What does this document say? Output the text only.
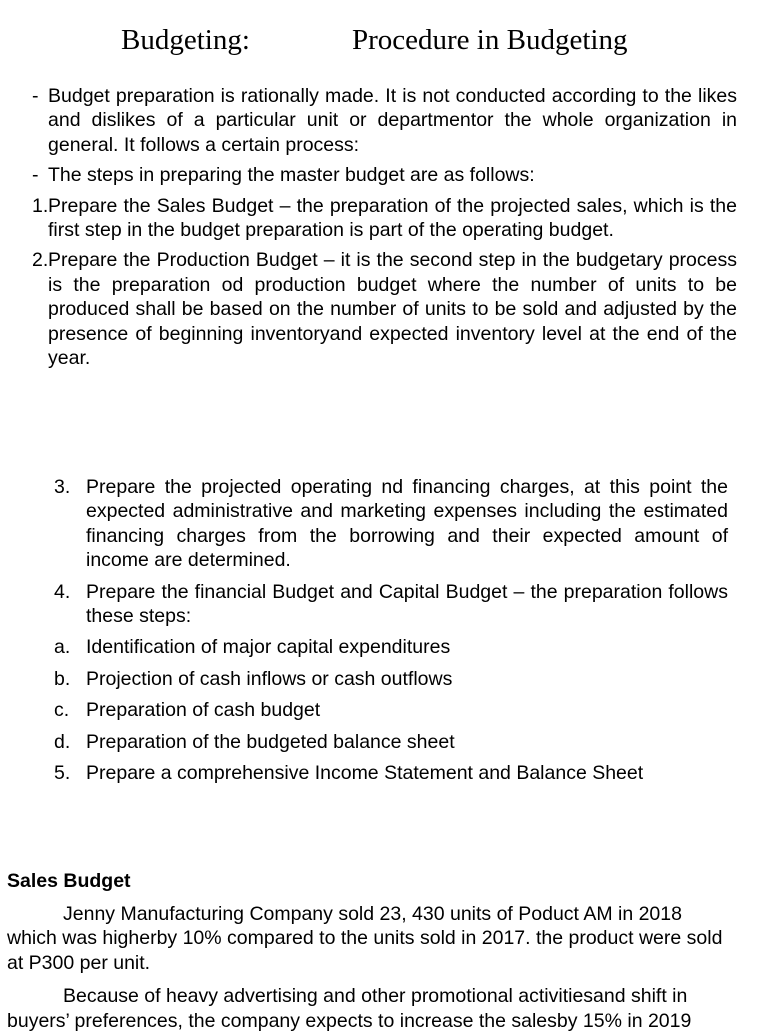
Budgeting:	Procedure in Budgeting
- Budget preparation is rationally made. It is not conducted according to the likes and dislikes of a particular unit or departmentor the whole organization in general. It follows a certain process:
- The steps in preparing the master budget are as follows:
1. Prepare the Sales Budget – the preparation of the projected sales, which is the first step in the budget preparation is part of the operating budget.
2. Prepare the Production Budget – it is the second step in the budgetary process is the preparation od production budget where the number of units to be produced shall be based on the number of units to be sold and adjusted by the presence of beginning inventoryand expected inventory level at the end of the year.
3. Prepare the projected operating nd financing charges, at this point the expected administrative and marketing expenses including the estimated financing charges from the borrowing and their expected amount of income are determined.
4. Prepare the financial Budget and Capital Budget – the preparation follows these steps:
a. Identification of major capital expenditures
b. Projection of cash inflows or cash outflows
c. Preparation of cash budget
d. Preparation of the budgeted balance sheet
5. Prepare a comprehensive Income Statement and Balance Sheet
Sales Budget
Jenny Manufacturing Company sold 23, 430 units of Poduct AM in 2018 which was higherby 10% compared to the units sold in 2017. the product were sold at P300 per unit.
Because of heavy advertising and other promotional activitiesand shift in buyers’ preferences, the company expects to increase the salesby 15% in 2019
